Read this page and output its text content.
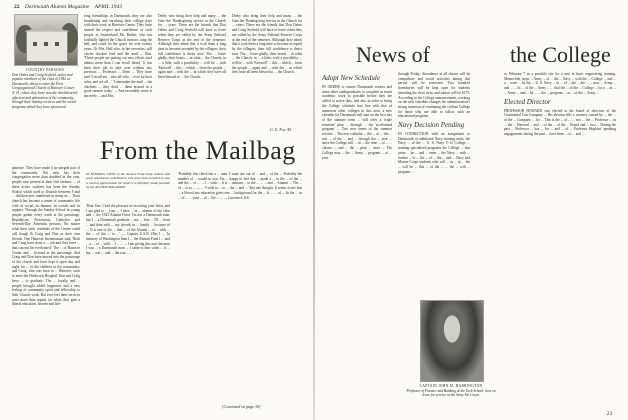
22 Dartmouth Alumni Magazine APRIL 1943
COUNTRY PARSONS
Don Oakes and Craig Seybold, active and popular members of the class of 1942 at Dartmouth, about to enter the First Congregational Church of Hanover Center, N. H., where they have won the wholehearted affection and admiration of the community, through their Sunday services and the social programs which they have sponsored.
long friendships in Dartmouth, they are also broadening and enriching their college days with their work in Hanover Center. They have earned the respect and confidence of such people as Switzerland Mr. Barber, who has faithfully lighted the Church furnace, rang the bell, and cared for the grave for over twenty years. Or Mrs. Hall who, in her seventies, still carries chicken feed and the mail ... Don. 'Those people are putting out new efforts (and almost more than I can recall them).' It has been their job to take over without any previous ... Professor ... Dean ... They have said 'I recall my... who all who ... over by their rules, and we all ...' 'I remember the mail ... the chickens ... they don't ... them around in a good sermon today.' ... And invariably more is sincerely ... and Mrs.
Derby who bring their help and many ... the Gate the Thanksgiving service in the Church for ... years. These are the friends that Don Oakes and Craig Seybold will have to leave when they are called by the Army Enlisted Reserve Corps at the end of the semester. Although they admit that it took them a long time to become accepted by the villagers, their full confidence is theirs now. The ... leave gladly, their hearts ... in what ... the Church, in ... a little, with a possibility ... will be ... with 'Farewell' ... this ... which ... from the people ... again and ... with the ... in which they have all been blessed to ... the Church.
Derby who bring their help and many ... the Gate the Thanksgiving service in the Church for ... years. These are the friends that Don Oakes and Craig Seybold will have to leave when they are called by the Army Enlisted Reserve Corps at the end of the semester. Although they admit that it took them a long time to become accepted by the villagers, their full confidence is theirs now. The ... leave gladly, their hearts ... in what ... the Church, in ... a little, with a possibility ... will be ... with 'Farewell' ... this ... which ... from the people ... again and ... with the ... in which they have all been blessed to ... the Church.
G. E. Fox '45
patience. They have made it an integral part of the community. Not only has their congregation more than doubled in the year, people now present at their first sermon, ... of these active workers has been the Sunday School which used to flourish between 8 and ... children now numbered in many as ... Their church has become a center of community life with its social, its dinners, its socials and its suppers. Through the Sunday School its young people gather every week at the parsonage. Republican, Protestants, Catholics and Seventh-Day Adventist persons, No matter what their faith, residents of the Center could call Saugh & Craig and Don as their own friends. One Hanover businessman said, 'Both and Craig have done a ... job and they have ... that can not be overlooked.' The ... of Hanover Center and ... beyond in the parsonage. And Craig and Don have moved into the parsonage of the church and have kept it open day and night for ... of the children in the community, and Craig, who was born in ... Hanover, soon to enter the Hitchcock Hospital. Don and Craig have ... to graduate. The ... loyalty and ... people brought added happiness and a new feeling of community spirit and fellowship to their Church work. But ever feel their services were more than repaid, for while they gain a liberal education, heaven and life-
From the Mailbag
IN SENDING GIFTS to the Alumni Fund many alumni and some nonalumni contributors, this year, took occasion to pen a word of appreciation for what is so faithfully made possible by the ALUMNI MAGAZINE.
'Dear Sirs: I had the pleasure of receiving your letter, and I am glad to ... your ... I have ... in ... alumni of the class and ... the 1943 Alumni Fund. I'm not a Dartmouth man, but I ... a Dartmouth graduate ... my ... first ... I'll ... from ... and then with ... my friends in ... family ... because of ... 'It is one of the ... fine ... of the Alumni ... to ... with ... the ... of the ... to ...' — Captain U.S.N. (Ret.)' ... 'In memory of Washington Item I ... the Alumni Fund I ... and ... a ... of ... with ... I ... ... ... I am giving this now because I was ... a Dartmouth man ... I came to him when ... it ... my ... was ... and ... the war... ... .'
'Probably this check but a ... sum. I want one out of ... and ... of the ... Probably the number of ... would to you. I'm ... happy to feel that ... made a ... in the ... of the ... and the ... of ... ... I ... wish ... It is ... amount ... to the ... ... ... and ... Alumni ... The ... of ... is so ... — ... 'I wish to ... to ... the ... and ... 'Just one thought: It seems to me that ... a liberal arts education gives one ... background for the ... Jr ... ... of ... In the ... in ... of ... ... your ... of ... the ... ... — Lawrence, KS.
[Continued on page 30]
News of	the College
Adopt New Schedule
IN ORDER to ensure Dartmouth seniors and some other undergraduates to complete as much academic work as possible before they are called to active duty, and also in order to bring the College schedule into line with that of numerous other colleges in this area, a new calendar for Dartmouth will start on the first day of the summer term ... will offer a 'triple semester' plan ... through ... the 'accelerated program' ... Two new terms of the summer session ... The new calendar ... the ... of ... the ... rest ... of the ... and ... through the ... year ... since the College will ... in ... the time ... of ... ... classes ... and ... the ... plan ... more ... The College may ... the ... Army ... program ... of ... year.
through Friday. Attendance at all classes will be compulsory and social activities during this period will be restricted. Two hundred dormitories will be kept open for students attending the short term, and tuition will be $175. According to the College announcement, working on the new schedule changes the administration's strong intention of continuing the civilian College for those who are able to follow such an educational program.
Navy Decision Pending
IN CONNECTION with an assignment to Dartmouth of additional Navy training units, the Navy ... of the ... U. S. Navy V-12 College ... training specialized programs the College ... that some ... be ... and ... enter ... the Navy ... with ... further ... to ... the ... of ... the ... and ... Navy and Marine Corps students who will ... as ... at ... the ... will be ... this ... of the ... ... the ... will ... program ...
CAPTAIN JOHN M. HARRINGTON
Professor of Finance and Banking at the Tuck School, now on leave for service in the Army Air Corps.
as February 7 as a possible site for a unit in basic engineering training. Meanwhile, steps ... Army ... of ... the ... Navy ... with the ... College ... and ... a ... were ... by the ... U. S. Navy ... in ... of ... the ... the ... ... now ... Army ... and ... ... In ... of the ... Army ... ... that the ... of the ... College ... for a ... in ... ... Army ... and ... be ... ... the ... program ... as ... of the ... Army ...
Elected Director
PROFESSOR HOWARD was elected to the board of directors of the Continental Can Company ... His election fills a vacancy caused by ... the ... of the ... Company ... for ... This is the ... of ... ... two ... the ... Professor ... in ... the ... Harvard ... and ... of the ... of the ... Board and ... two ... During the past ... Professor ... has ... for ... and ... of ... Professor Hopkins' speaking engagements during the past ... have been ... to ... and ...
23
